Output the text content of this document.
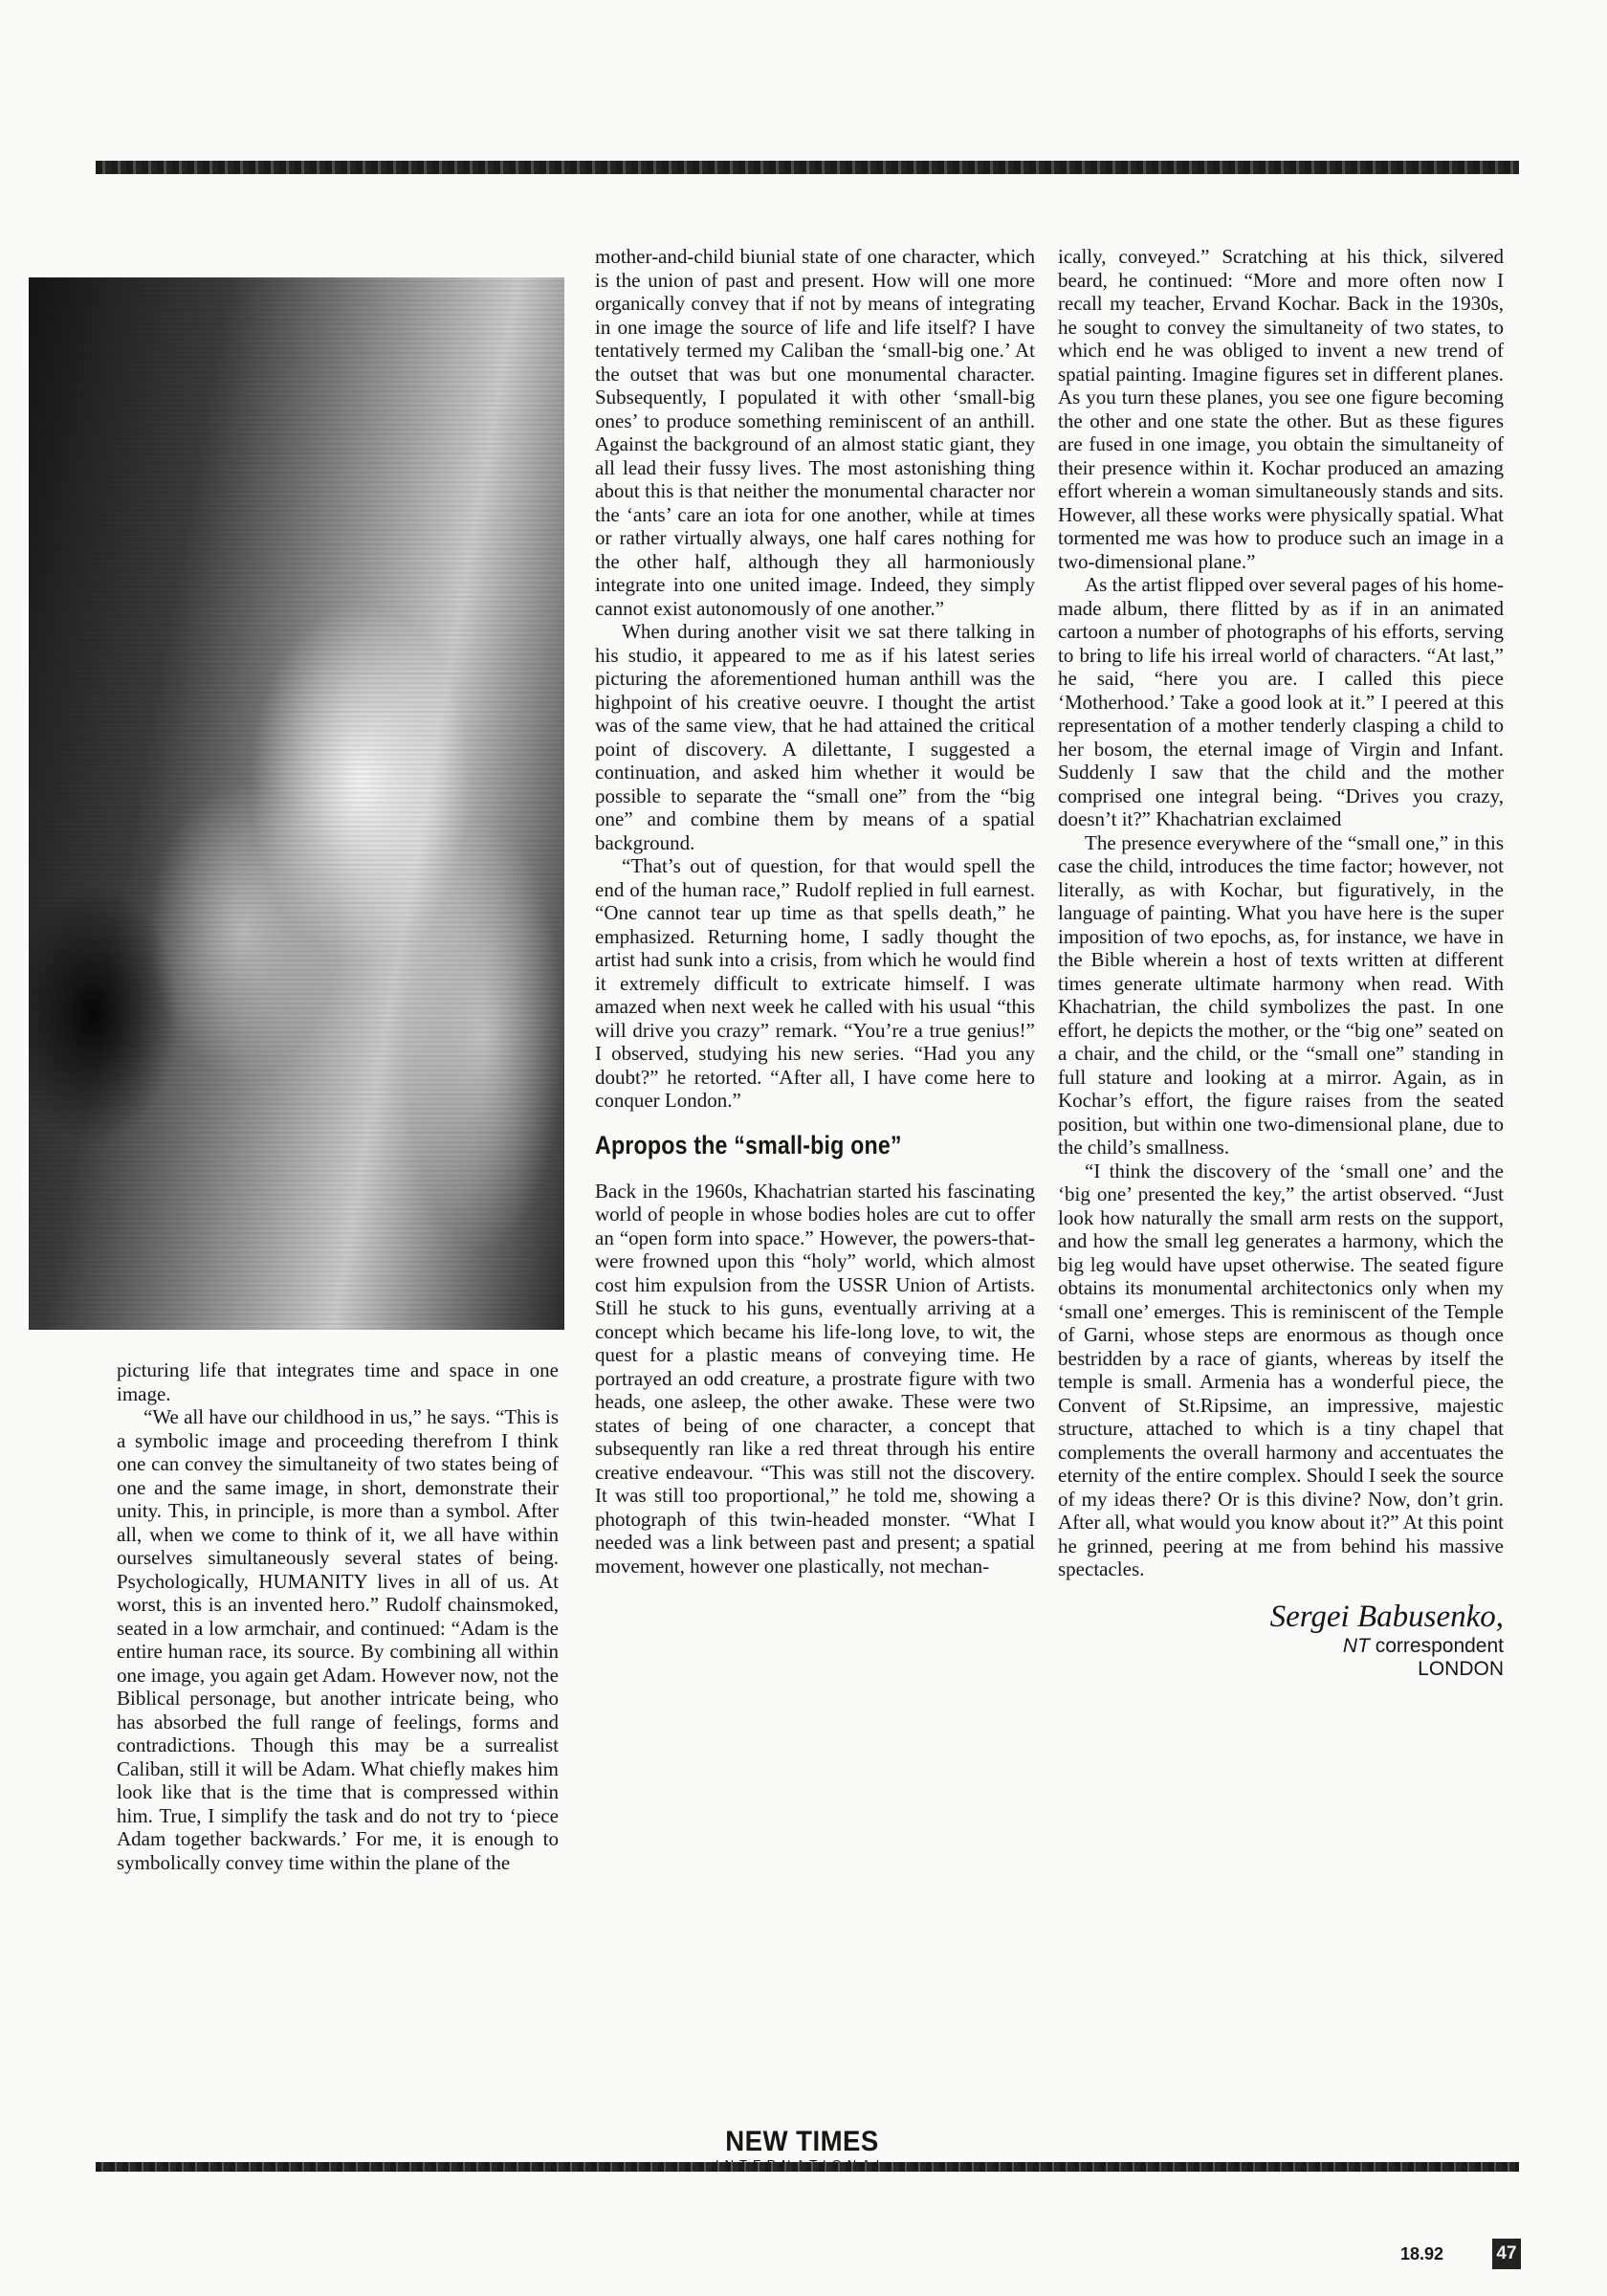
picturing life that integrates time and space in one image.

“We all have our childhood in us,” he says. “This is a symbolic image and proceeding therefrom I think one can convey the simultaneity of two states being of one and the same image, in short, demonstrate their unity. This, in principle, is more than a symbol. After all, when we come to think of it, we all have within ourselves simultaneously several states of being. Psychologically, HUMANITY lives in all of us. At worst, this is an invented hero.” Rudolf chainsmoked, seated in a low armchair, and continued: “Adam is the entire human race, its source. By combining all within one image, you again get Adam. However now, not the Biblical personage, but another intricate being, who has absorbed the full range of feelings, forms and contradictions. Though this may be a surrealist Caliban, still it will be Adam. What chiefly makes him look like that is the time that is compressed within him. True, I simplify the task and do not try to ‘piece Adam together backwards.’ For me, it is enough to symbolically convey time within the plane of the

mother-and-child biunial state of one character, which is the union of past and present. How will one more organically convey that if not by means of integrating in one image the source of life and life itself? I have tentatively termed my Caliban the ‘small-big one.’ At the outset that was but one monumental character. Subsequently, I populated it with other ‘small-big ones’ to produce something reminiscent of an anthill. Against the background of an almost static giant, they all lead their fussy lives. The most astonishing thing about this is that neither the monumental character nor the ‘ants’ care an iota for one another, while at times or rather virtually always, one half cares nothing for the other half, although they all harmoniously integrate into one united image. Indeed, they simply cannot exist autonomously of one another.”

When during another visit we sat there talking in his studio, it appeared to me as if his latest series picturing the aforementioned human anthill was the highpoint of his creative oeuvre. I thought the artist was of the same view, that he had attained the critical point of discovery. A dilettante, I suggested a continuation, and asked him whether it would be possible to separate the “small one” from the “big one” and combine them by means of a spatial background.

“That’s out of question, for that would spell the end of the human race,” Rudolf replied in full earnest. “One cannot tear up time as that spells death,” he emphasized. Returning home, I sadly thought the artist had sunk into a crisis, from which he would find it extremely difficult to extricate himself. I was amazed when next week he called with his usual “this will drive you crazy” remark. “You’re a true genius!” I observed, studying his new series. “Had you any doubt?” he retorted. “After all, I have come here to conquer London.”

Apropos the “small-big one”

Back in the 1960s, Khachatrian started his fascinating world of people in whose bodies holes are cut to offer an “open form into space.” However, the powers-that-were frowned upon this “holy” world, which almost cost him expulsion from the USSR Union of Artists. Still he stuck to his guns, eventually arriving at a concept which became his life-long love, to wit, the quest for a plastic means of conveying time. He portrayed an odd creature, a prostrate figure with two heads, one asleep, the other awake. These were two states of being of one character, a concept that subsequently ran like a red threat through his entire creative endeavour. “This was still not the discovery. It was still too proportional,” he told me, showing a photograph of this twin-headed monster. “What I needed was a link between past and present; a spatial movement, however one plastically, not mechan-

ically, conveyed.” Scratching at his thick, silvered beard, he continued: “More and more often now I recall my teacher, Ervand Kochar. Back in the 1930s, he sought to convey the simultaneity of two states, to which end he was obliged to invent a new trend of spatial painting. Imagine figures set in different planes. As you turn these planes, you see one figure becoming the other and one state the other. But as these figures are fused in one image, you obtain the simultaneity of their presence within it. Kochar produced an amazing effort wherein a woman simultaneously stands and sits. However, all these works were physically spatial. What tormented me was how to produce such an image in a two-dimensional plane.”

As the artist flipped over several pages of his home-made album, there flitted by as if in an animated cartoon a number of photographs of his efforts, serving to bring to life his irreal world of characters. “At last,” he said, “here you are. I called this piece ‘Motherhood.’ Take a good look at it.” I peered at this representation of a mother tenderly clasping a child to her bosom, the eternal image of Virgin and Infant. Suddenly I saw that the child and the mother comprised one integral being. “Drives you crazy, doesn’t it?” Khachatrian exclaimed

The presence everywhere of the “small one,” in this case the child, introduces the time factor; however, not literally, as with Kochar, but figuratively, in the language of painting. What you have here is the super imposition of two epochs, as, for instance, we have in the Bible wherein a host of texts written at different times generate ultimate harmony when read. With Khachatrian, the child symbolizes the past. In one effort, he depicts the mother, or the “big one” seated on a chair, and the child, or the “small one” standing in full stature and looking at a mirror. Again, as in Kochar’s effort, the figure raises from the seated position, but within one two-dimensional plane, due to the child’s smallness.

“I think the discovery of the ‘small one’ and the ‘big one’ presented the key,” the artist observed. “Just look how naturally the small arm rests on the support, and how the small leg generates a harmony, which the big leg would have upset otherwise. The seated figure obtains its monumental architectonics only when my ‘small one’ emerges. This is reminiscent of the Temple of Garni, whose steps are enormous as though once bestridden by a race of giants, whereas by itself the temple is small. Armenia has a wonderful piece, the Convent of St.Ripsime, an impressive, majestic structure, attached to which is a tiny chapel that complements the overall harmony and accentuates the eternity of the entire complex. Should I seek the source of my ideas there? Or is this divine? Now, don’t grin. After all, what would you know about it?” At this point he grinned, peering at me from behind his massive spectacles.

Sergei Babusenko,
NT correspondent
LONDON
NEW TIMES
18.92	47
